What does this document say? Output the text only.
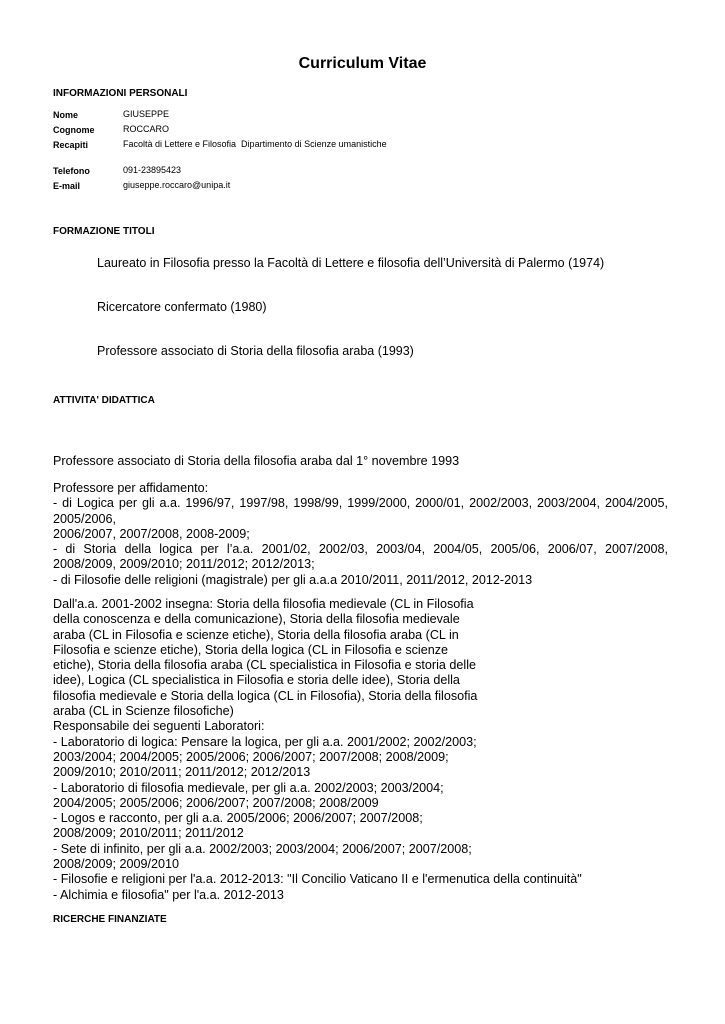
Curriculum Vitae
INFORMAZIONI PERSONALI
Nome	GIUSEPPE
Cognome	ROCCARO
Recapiti	Facoltà di Lettere e Filosofia  Dipartimento di Scienze umanistiche
Telefono	091-23895423
E-mail	giuseppe.roccaro@unipa.it
FORMAZIONE TITOLI
Laureato in Filosofia presso la Facoltà di Lettere e filosofia dell’Università di Palermo (1974)
Ricercatore confermato (1980)
Professore associato di Storia della filosofia araba (1993)
ATTIVITA' DIDATTICA
Professore associato di Storia della filosofia araba dal 1° novembre 1993
Professore per affidamento:
- di Logica per gli a.a. 1996/97, 1997/98, 1998/99, 1999/2000, 2000/01, 2002/2003, 2003/2004, 2004/2005, 2005/2006,
2006/2007, 2007/2008, 2008-2009;
- di Storia della logica per l’a.a. 2001/02, 2002/03, 2003/04, 2004/05, 2005/06, 2006/07, 2007/2008, 2008/2009, 2009/2010; 2011/2012; 2012/2013;
- di Filosofie delle religioni (magistrale) per gli a.a.a 2010/2011, 2011/2012, 2012-2013
Dall'a.a. 2001-2002 insegna: Storia della filosofia medievale (CL in Filosofia
della conoscenza e della comunicazione), Storia della filosofia medievale
araba (CL in Filosofia e scienze etiche), Storia della filosofia araba (CL in
Filosofia e scienze etiche), Storia della logica (CL in Filosofia e scienze
etiche), Storia della filosofia araba (CL specialistica in Filosofia e storia delle
idee), Logica (CL specialistica in Filosofia e storia delle idee), Storia della
filosofia medievale e Storia della logica (CL in Filosofia), Storia della filosofia
araba (CL in Scienze filosofiche)
Responsabile dei seguenti Laboratori:
- Laboratorio di logica: Pensare la logica, per gli a.a. 2001/2002; 2002/2003;
2003/2004; 2004/2005; 2005/2006; 2006/2007; 2007/2008; 2008/2009;
2009/2010; 2010/2011; 2011/2012; 2012/2013
- Laboratorio di filosofia medievale, per gli a.a. 2002/2003; 2003/2004;
2004/2005; 2005/2006; 2006/2007; 2007/2008; 2008/2009
- Logos e racconto, per gli a.a. 2005/2006; 2006/2007; 2007/2008;
2008/2009; 2010/2011; 2011/2012
- Sete di infinito, per gli a.a. 2002/2003; 2003/2004; 2006/2007; 2007/2008;
2008/2009; 2009/2010
- Filosofie e religioni per l'a.a. 2012-2013: "Il Concilio Vaticano II e l'ermenutica della continuità"
- Alchimia e filosofia" per l'a.a. 2012-2013
RICERCHE FINANZIATE
